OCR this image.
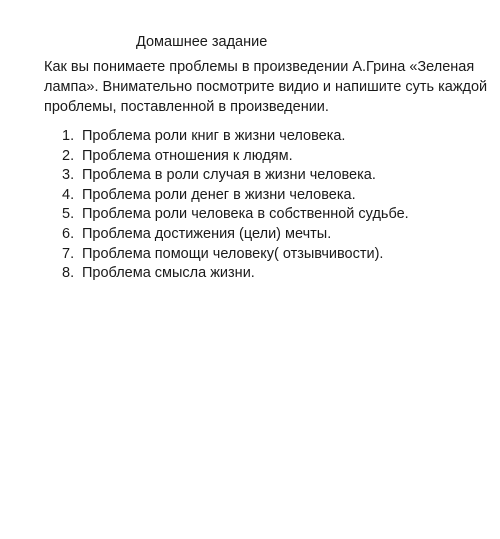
Домашнее задание
Как вы понимаете проблемы в произведении А.Грина «Зеленая
лампа». Внимательно посмотрите видио и напишите суть каждой
проблемы, поставленной в произведении.
1. Проблема роли книг в жизни человека.
2. Проблема отношения к людям.
3. Проблема в роли случая в жизни человека.
4. Проблема роли денег в жизни человека.
5. Проблема роли человека в собственной судьбе.
6. Проблема достижения (цели) мечты.
7. Проблема помощи человеку( отзывчивости).
8. Проблема смысла жизни.
